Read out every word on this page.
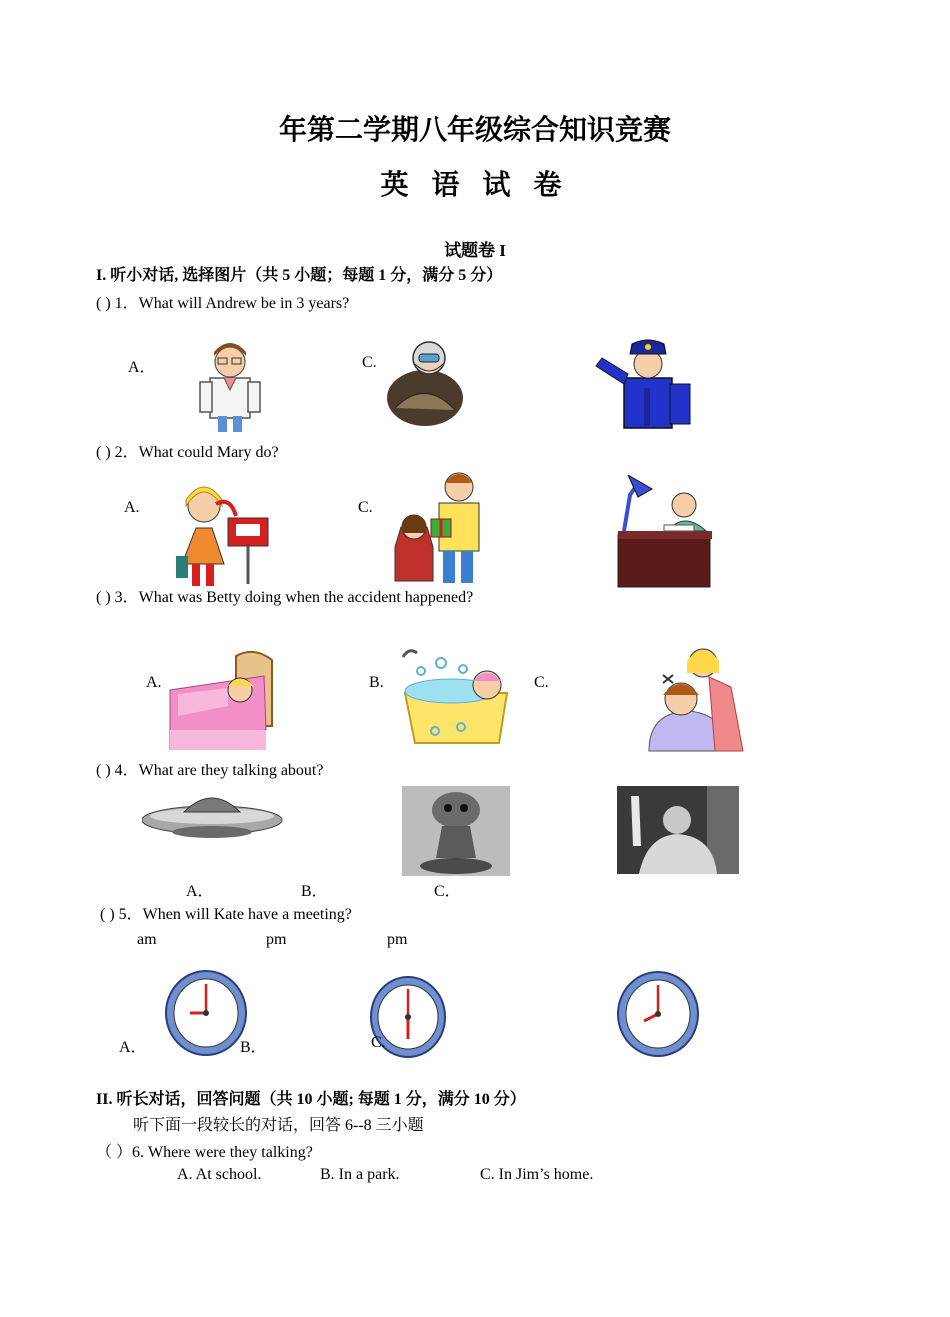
年第二学期八年级综合知识竞赛
英 语 试 卷
试题卷 I
I. 听小对话, 选择图片（共 5 小题；每题 1 分，满分 5 分）
( ) 1．What will Andrew be in 3 years?
A．	C.
( ) 2．What could Mary do?
A.	C.
( ) 3．What was Betty doing when the accident happened?
A.	B.	C.
( ) 4．What are they talking about?
A．	B．	C．
( ) 5．When will Kate have a meeting?
am	pm	pm
A．	B．	C.
II. 听长对话，回答问题（共 10 小题; 每题 1 分，满分 10 分）
听下面一段较长的对话，回答 6--8 三小题
（ ）6. Where were they talking?
A. At school.	B. In a park.	C. In Jim’s home.
